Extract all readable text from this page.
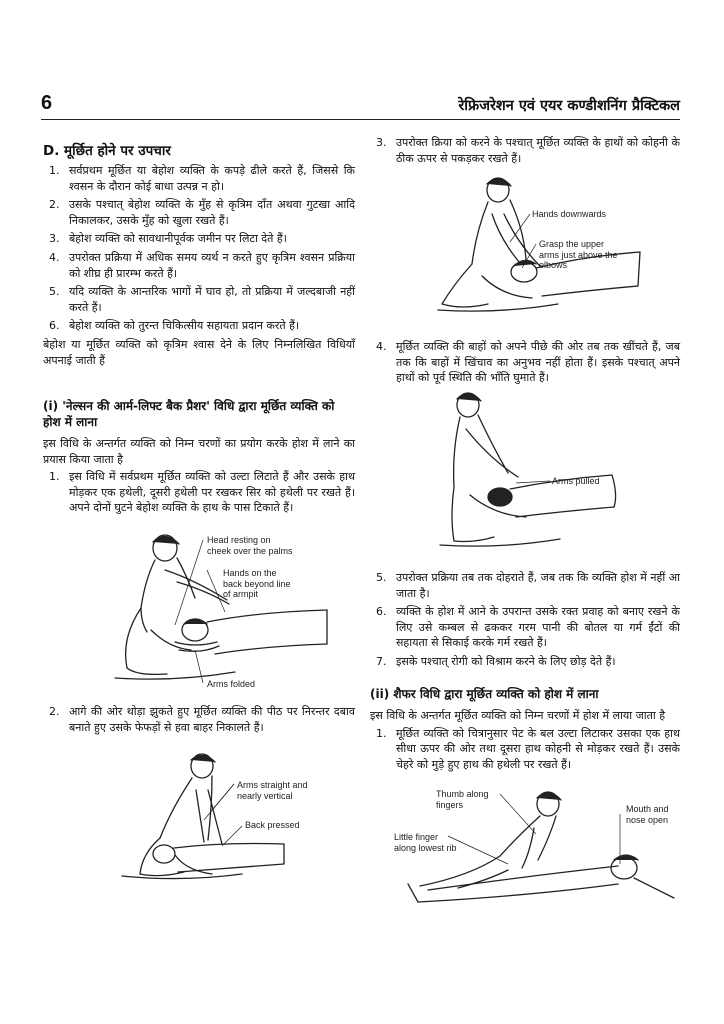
6	रेफ्रिजरेशन एवं एयर कण्डीशनिंग प्रैक्टिकल
D. मूर्छित होने पर उपचार
1. सर्वप्रथम मूर्छित या बेहोश व्यक्ति के कपड़े ढीले करते हैं, जिससे कि श्वसन के दौरान कोई बाधा उत्पन्न न हो।
2. उसके पश्चात् बेहोश व्यक्ति के मुँह से कृत्रिम दाँत अथवा गुटखा आदि निकालकर, उसके मुँह को खुला रखते हैं।
3. बेहोश व्यक्ति को सावधानीपूर्वक जमीन पर लिटा देते हैं।
4. उपरोक्त प्रक्रिया में अधिक समय व्यर्थ न करते हुए कृत्रिम श्वसन प्रक्रिया को शीघ्र ही प्रारम्भ करते हैं।
5. यदि व्यक्ति के आन्तरिक भागों में घाव हो, तो प्रक्रिया में जल्दबाजी नहीं करते हैं।
6. बेहोश व्यक्ति को तुरन्त चिकित्सीय सहायता प्रदान करते हैं।
बेहोश या मूर्छित व्यक्ति को कृत्रिम श्वास देने के लिए निम्नलिखित विधियाँ अपनाई जाती हैं
(i) 'नेल्सन की आर्म-लिफ्ट बैक प्रैशर' विधि द्वारा मूर्छित व्यक्ति को होश में लाना
इस विधि के अन्तर्गत व्यक्ति को निम्न चरणों का प्रयोग करके होश में लाने का प्रयास किया जाता है
1. इस विधि में सर्वप्रथम मूर्छित व्यक्ति को उल्टा लिटाते हैं और उसके हाथ मोड़कर एक हथेली, दूसरी हथेली पर रखकर सिर को हथेली पर रखते हैं। अपने दोनों घुटने बेहोश व्यक्ति के हाथ के पास टिकाते हैं।
Head resting on
cheek over the palms
Hands on the
back beyond line
of armpit
Arms folded
2. आगे की ओर थोड़ा झुकते हुए मूर्छित व्यक्ति की पीठ पर निरन्तर दबाव बनाते हुए उसके फेफड़ों से हवा बाहर निकालते हैं।
Arms straight and
nearly vertical
Back pressed
3. उपरोक्त क्रिया को करने के पश्चात् मूर्छित व्यक्ति के हाथों को कोहनी के ठीक ऊपर से पकड़कर रखते हैं।
Hands downwards
Grasp the upper
arms just above the
elbows
4. मूर्छित व्यक्ति की बाहों को अपने पीछे की ओर तब तक खींचते हैं, जब तक कि बाहों में खिंचाव का अनुभव नहीं होता हैं। इसके पश्चात् अपने हाथों को पूर्व स्थिति की भाँति घुमाते हैं।
Arms pulled
5. उपरोक्त प्रक्रिया तब तक दोहराते हैं, जब तक कि व्यक्ति होश में नहीं आ जाता है।
6. व्यक्ति के होश में आने के उपरान्त उसके रक्त प्रवाह को बनाए रखने के लिए उसे कम्बल से ढककर गरम पानी की बोतल या गर्म ईंटों की सहायता से सिकाई करके गर्म रखते हैं।
7. इसके पश्चात् रोगी को विश्राम करने के लिए छोड़ देते हैं।
(ii) शैफर विधि द्वारा मूर्छित व्यक्ति को होश में लाना
इस विधि के अन्तर्गत मूर्छित व्यक्ति को निम्न चरणों में होश में लाया जाता है
1. मूर्छित व्यक्ति को चित्रानुसार पेट के बल उल्टा लिटाकर उसका एक हाथ सीधा ऊपर की ओर तथा दूसरा हाथ कोहनी से मोड़कर रखते हैं। उसके चेहरे को मुड़े हुए हाथ की हथेली पर रखते हैं।
Thumb along
fingers	Mouth and
nose open
Little finger
along lowest rib
